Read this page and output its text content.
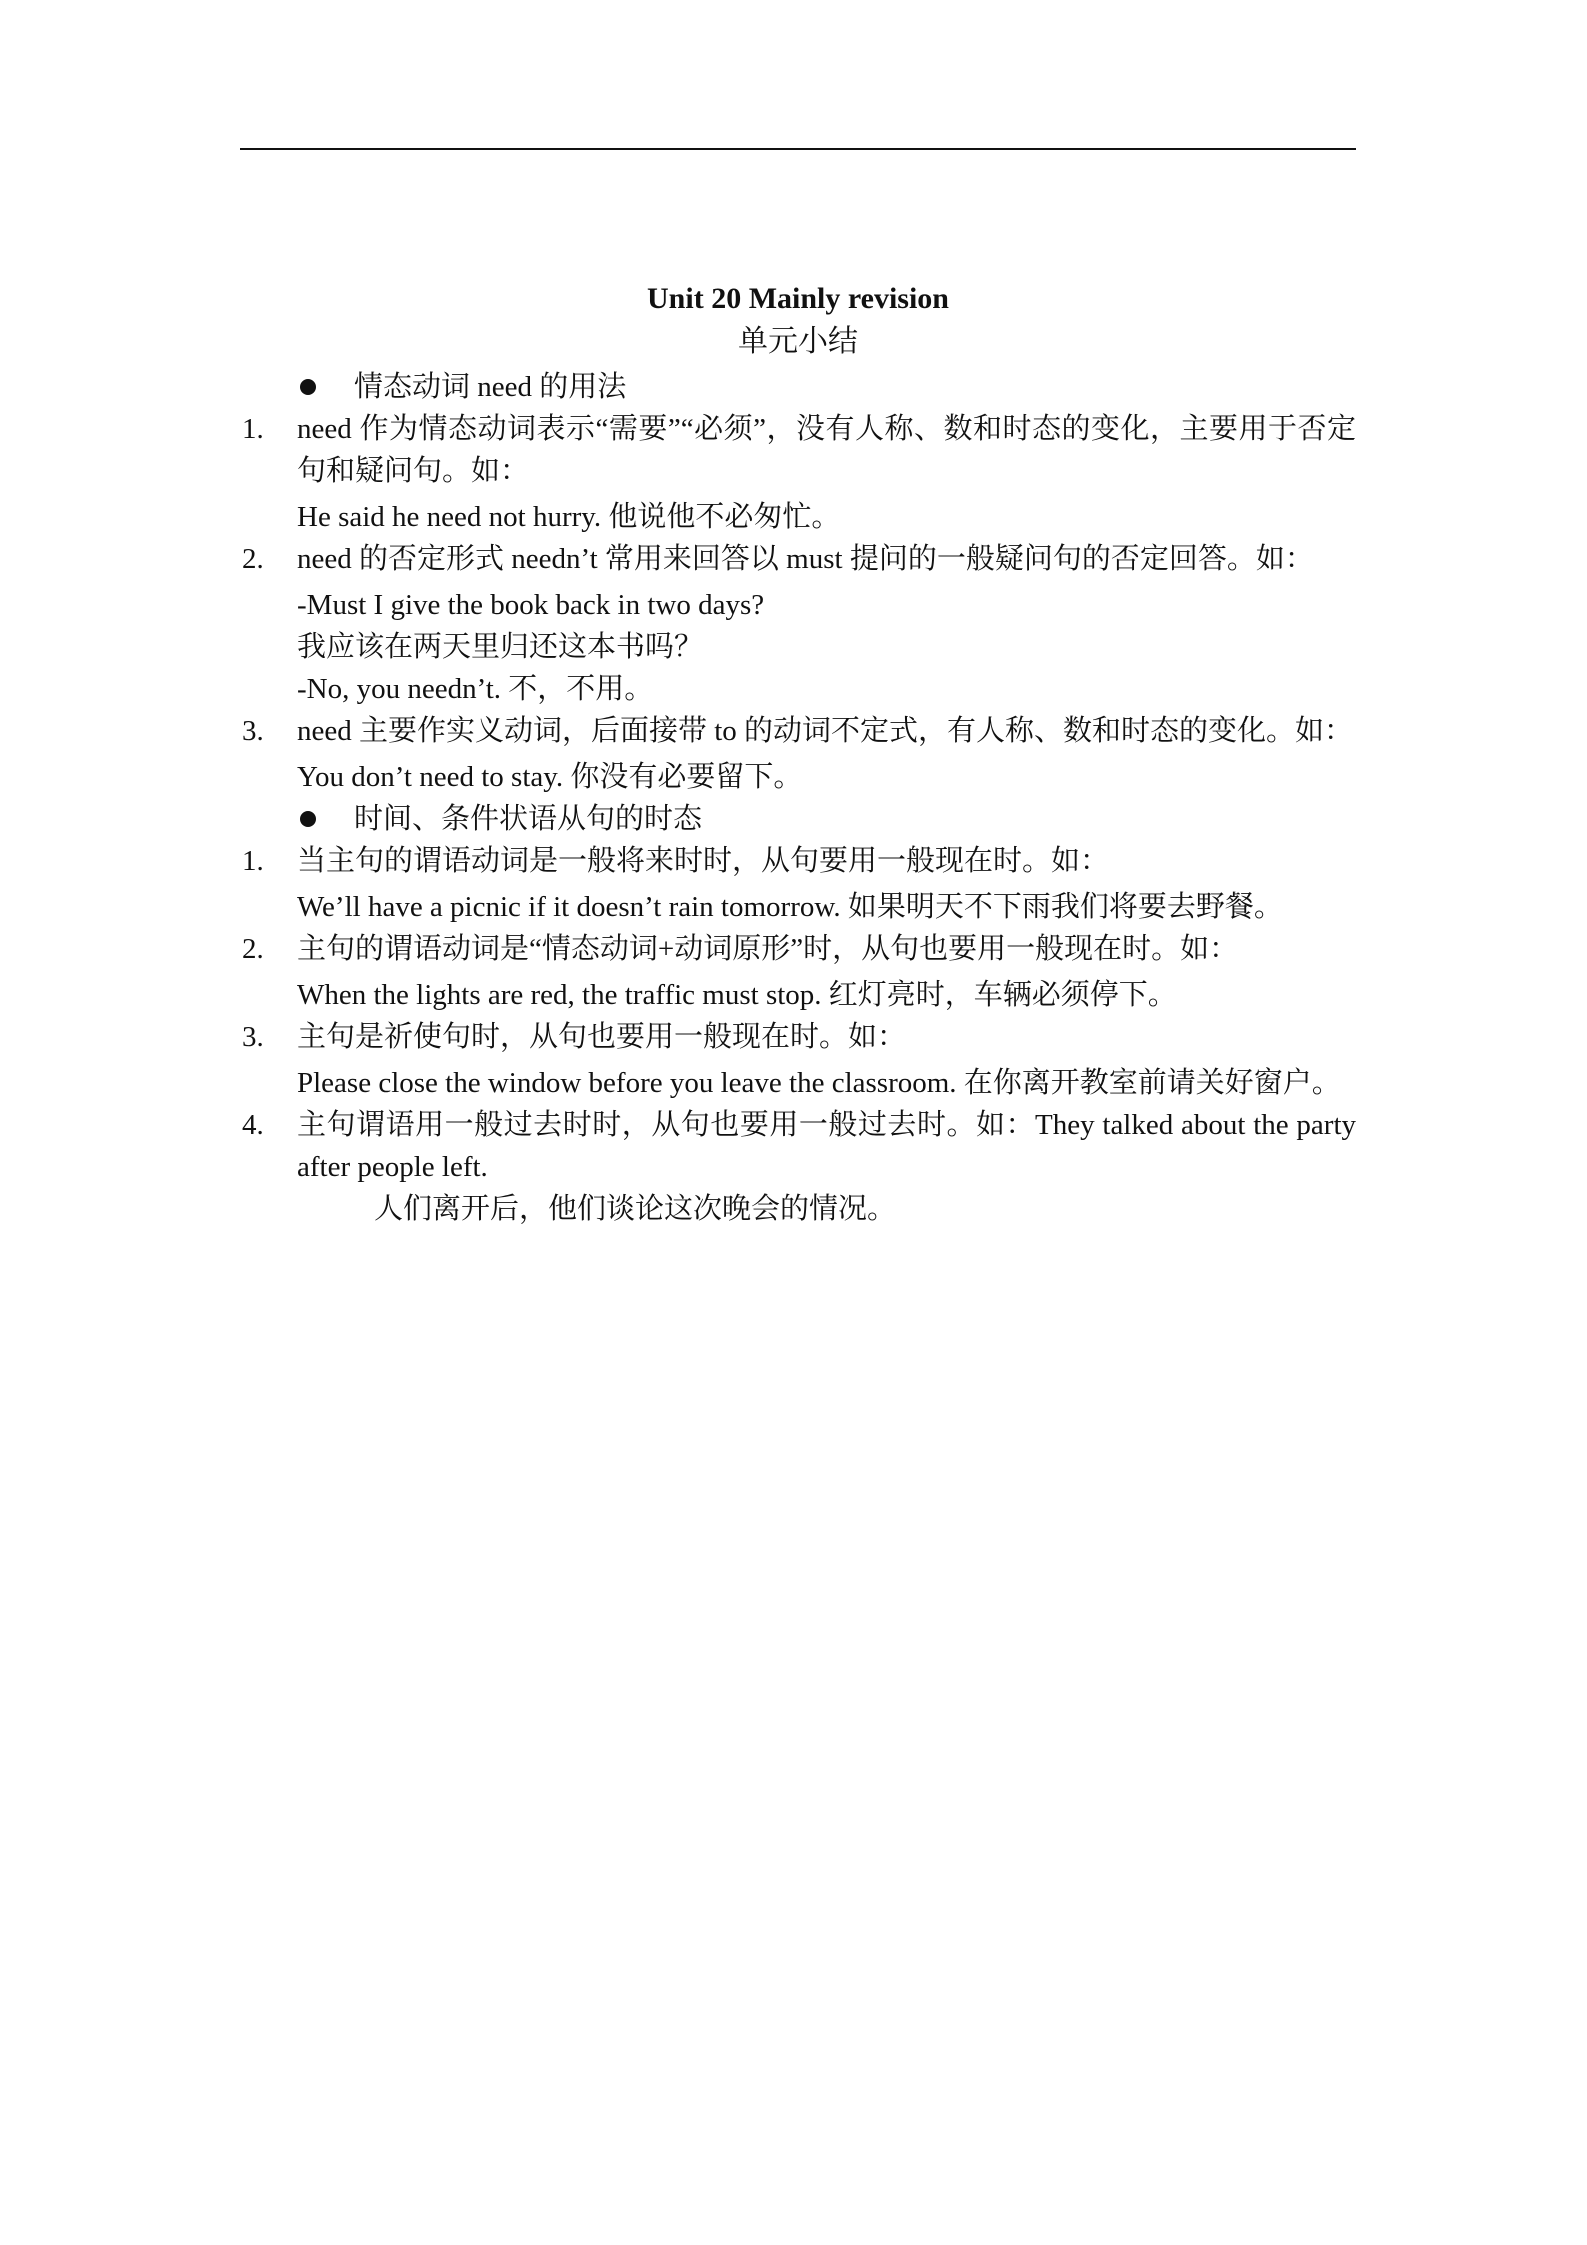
Unit 20 Mainly revision
单元小结
情态动词 need 的用法
1. need 作为情态动词表示“需要”“必须”，没有人称、数和时态的变化，主要用于否定句和疑问句。如：

He said he need not hurry. 他说他不必匆忙。

2. need 的否定形式 needn’t 常用来回答以 must 提问的一般疑问句的否定回答。如：

-Must I give the book back in two days?

我应该在两天里归还这本书吗？

-No, you needn’t. 不，不用。

3. need 主要作实义动词，后面接带 to 的动词不定式，有人称、数和时态的变化。如：

You don’t need to stay. 你没有必要留下。

时间、条件状语从句的时态
1. 当主句的谓语动词是一般将来时时，从句要用一般现在时。如：

We’ll have a picnic if it doesn’t rain tomorrow. 如果明天不下雨我们将要去野餐。

2. 主句的谓语动词是“情态动词+动词原形”时，从句也要用一般现在时。如：

When the lights are red, the traffic must stop. 红灯亮时，车辆必须停下。

3. 主句是祈使句时，从句也要用一般现在时。如：

Please close the window before you leave the classroom. 在你离开教室前请关好窗户。

4. 主句谓语用一般过去时时，从句也要用一般过去时。如：They talked about the party after people left.

人们离开后，他们谈论这次晚会的情况。
